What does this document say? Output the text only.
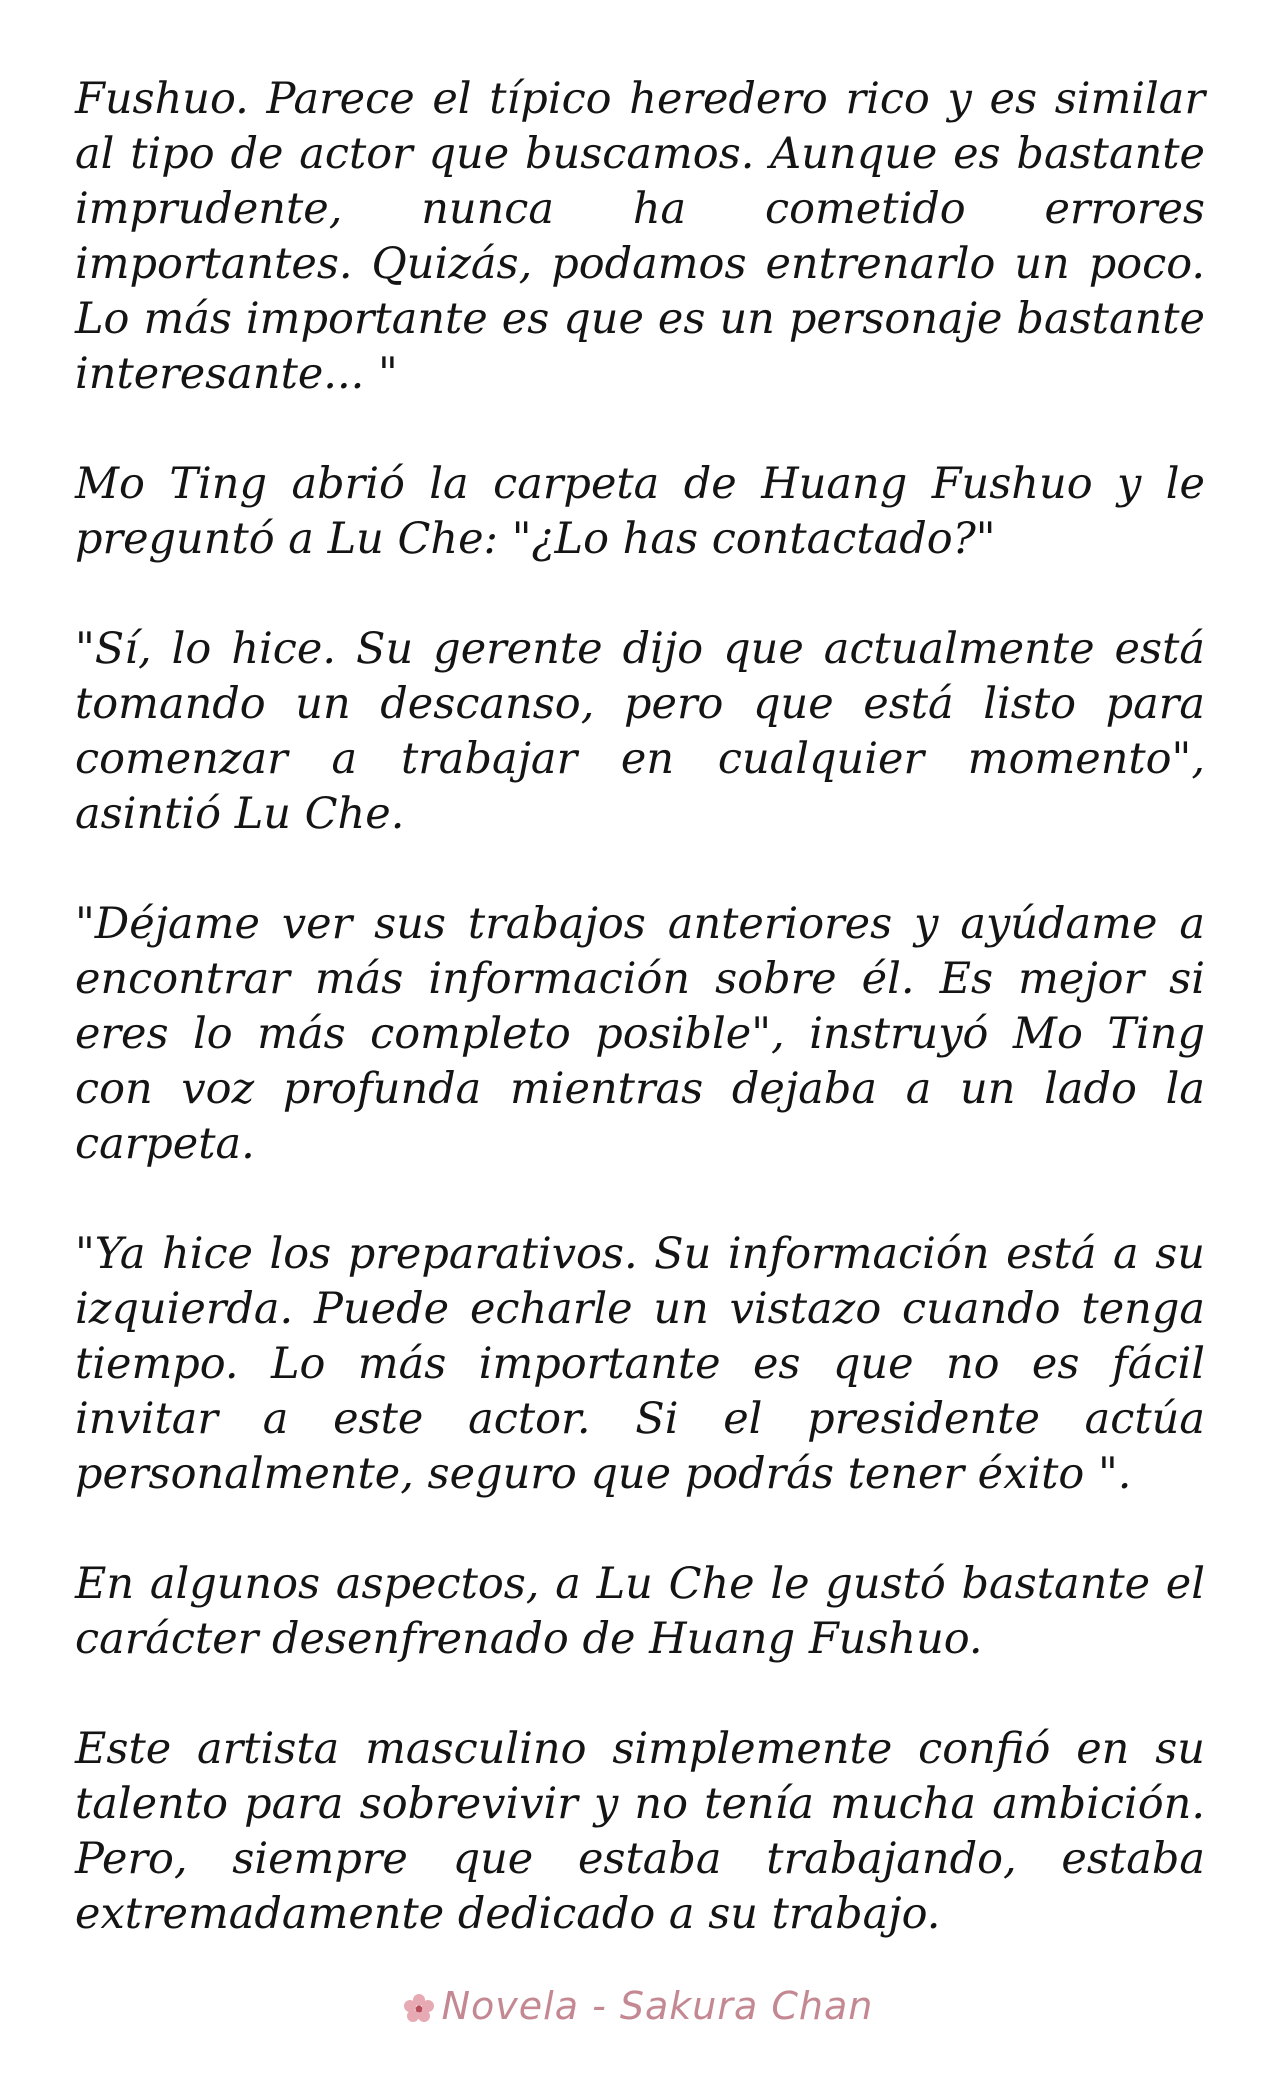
Fushuo. Parece el típico heredero rico y es similar al tipo de actor que buscamos. Aunque es bastante imprudente, nunca ha cometido errores importantes. Quizás, podamos entrenarlo un poco. Lo más importante es que es un personaje bastante interesante... "

Mo Ting abrió la carpeta de Huang Fushuo y le preguntó a Lu Che: "¿Lo has contactado?"

"Sí, lo hice. Su gerente dijo que actualmente está tomando un descanso, pero que está listo para comenzar a trabajar en cualquier momento", asintió Lu Che.

"Déjame ver sus trabajos anteriores y ayúdame a encontrar más información sobre él. Es mejor si eres lo más completo posible", instruyó Mo Ting con voz profunda mientras dejaba a un lado la carpeta.

"Ya hice los preparativos. Su información está a su izquierda. Puede echarle un vistazo cuando tenga tiempo. Lo más importante es que no es fácil invitar a este actor. Si el presidente actúa personalmente, seguro que podrás tener éxito ".

En algunos aspectos, a Lu Che le gustó bastante el carácter desenfrenado de Huang Fushuo.

Este artista masculino simplemente confió en su talento para sobrevivir y no tenía mucha ambición. Pero, siempre que estaba trabajando, estaba extremadamente dedicado a su trabajo.

Novela - Sakura Chan
